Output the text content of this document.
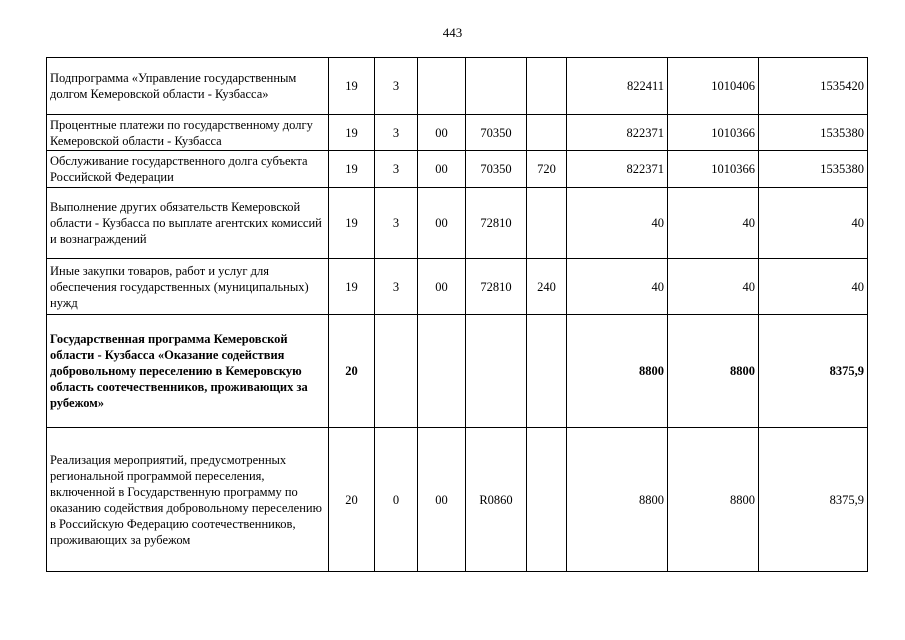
443
Подпрограмма «Управление государственным долгом Кемеровской области - Кузбасса»	19	3				822411	1010406	1535420
Процентные платежи по государственному долгу Кемеровской области - Кузбасса	19	3	00	70350		822371	1010366	1535380
Обслуживание государственного долга субъекта Российской Федерации	19	3	00	70350	720	822371	1010366	1535380
Выполнение других обязательств Кемеровской области - Кузбасса по выплате агентских комиссий и вознаграждений	19	3	00	72810		40	40	40
Иные закупки товаров, работ и услуг для обеспечения государственных (муниципальных) нужд	19	3	00	72810	240	40	40	40
Государственная программа Кемеровской области - Кузбасса «Оказание содействия добровольному переселению в Кемеровскую область соотечественников, проживающих за рубежом»	20					8800	8800	8375,9
Реализация мероприятий, предусмотренных региональной программой переселения, включенной в Государственную программу по оказанию содействия добровольному переселению в Российскую Федерацию соотечественников, проживающих за рубежом	20	0	00	R0860		8800	8800	8375,9
